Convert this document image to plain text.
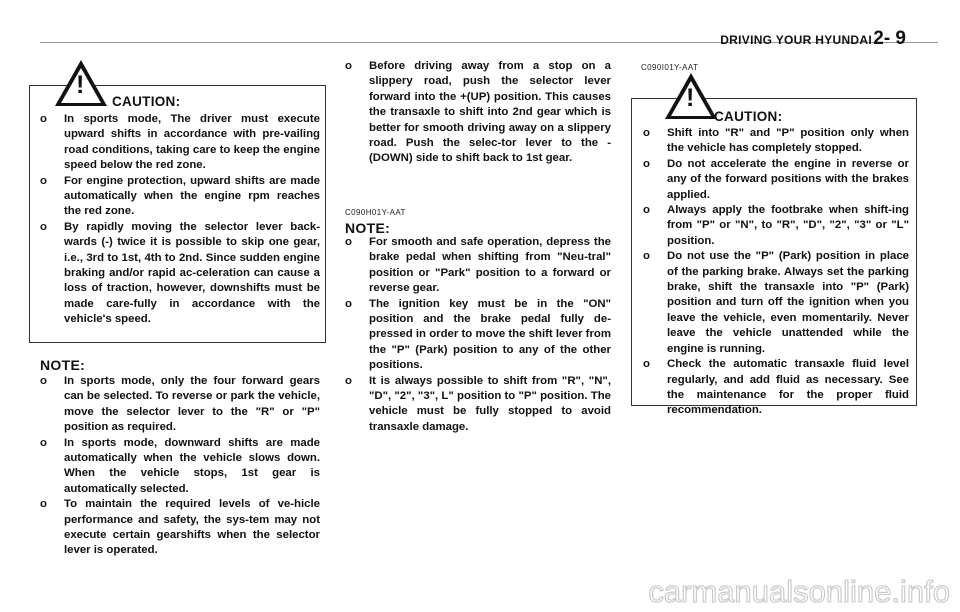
DRIVING YOUR HYUNDAI 2- 9
!
CAUTION:
o	In sports mode, The driver must execute upward shifts in accordance with pre-vailing road conditions, taking care to keep the engine speed below the red zone.
o	For engine protection, upward shifts are made automatically when the engine rpm reaches the red zone.
o	By rapidly moving the selector lever back-wards (-) twice it is possible to skip one gear, i.e., 3rd to 1st, 4th to 2nd. Since sudden engine braking and/or rapid ac-celeration can cause a loss of traction, however, downshifts must be made care-fully in accordance with the vehicle's speed.
NOTE:
o	In sports mode, only the four forward gears can be selected. To reverse or park the vehicle, move the selector lever to the "R" or "P" position as required.
o	In sports mode, downward shifts are made automatically when the vehicle slows down. When the vehicle stops, 1st gear is automatically selected.
o	To maintain the required levels of ve-hicle performance and safety, the sys-tem may not execute certain gearshifts when the selector lever is operated.
o	Before driving away from a stop on a slippery road, push the selector lever forward into the +(UP) position. This causes the transaxle to shift into 2nd gear which is better for smooth driving away on a slippery road. Push the selec-tor lever to the -(DOWN) side to shift back to 1st gear.
C090H01Y-AAT
NOTE:
o	For smooth and safe operation, depress the brake pedal when shifting from "Neu-tral" position or "Park" position to a forward or reverse gear.
o	The ignition key must be in the "ON" position and the brake pedal fully de-pressed in order to move the shift lever from the "P" (Park) position to any of the other positions.
o	It is always possible to shift from "R", "N", "D", "2", "3", L" position to "P" position. The vehicle must be fully stopped to avoid transaxle damage.
C090I01Y-AAT
!
CAUTION:
o	Shift into "R" and "P" position only when the vehicle has completely stopped.
o	Do not accelerate the engine in reverse or any of the forward positions with the brakes applied.
o	Always apply the footbrake when shift-ing from "P" or "N", to "R", "D", "2", "3" or "L" position.
o	Do not use the "P" (Park) position in place of the parking brake. Always set the parking brake, shift the transaxle into "P" (Park) position and turn off the ignition when you leave the vehicle, even momentarily. Never leave the vehicle unattended while the engine is running.
o	Check the automatic transaxle fluid level regularly, and add fluid as necessary. See the maintenance for the proper fluid recommendation.
carmanualsonline.info
